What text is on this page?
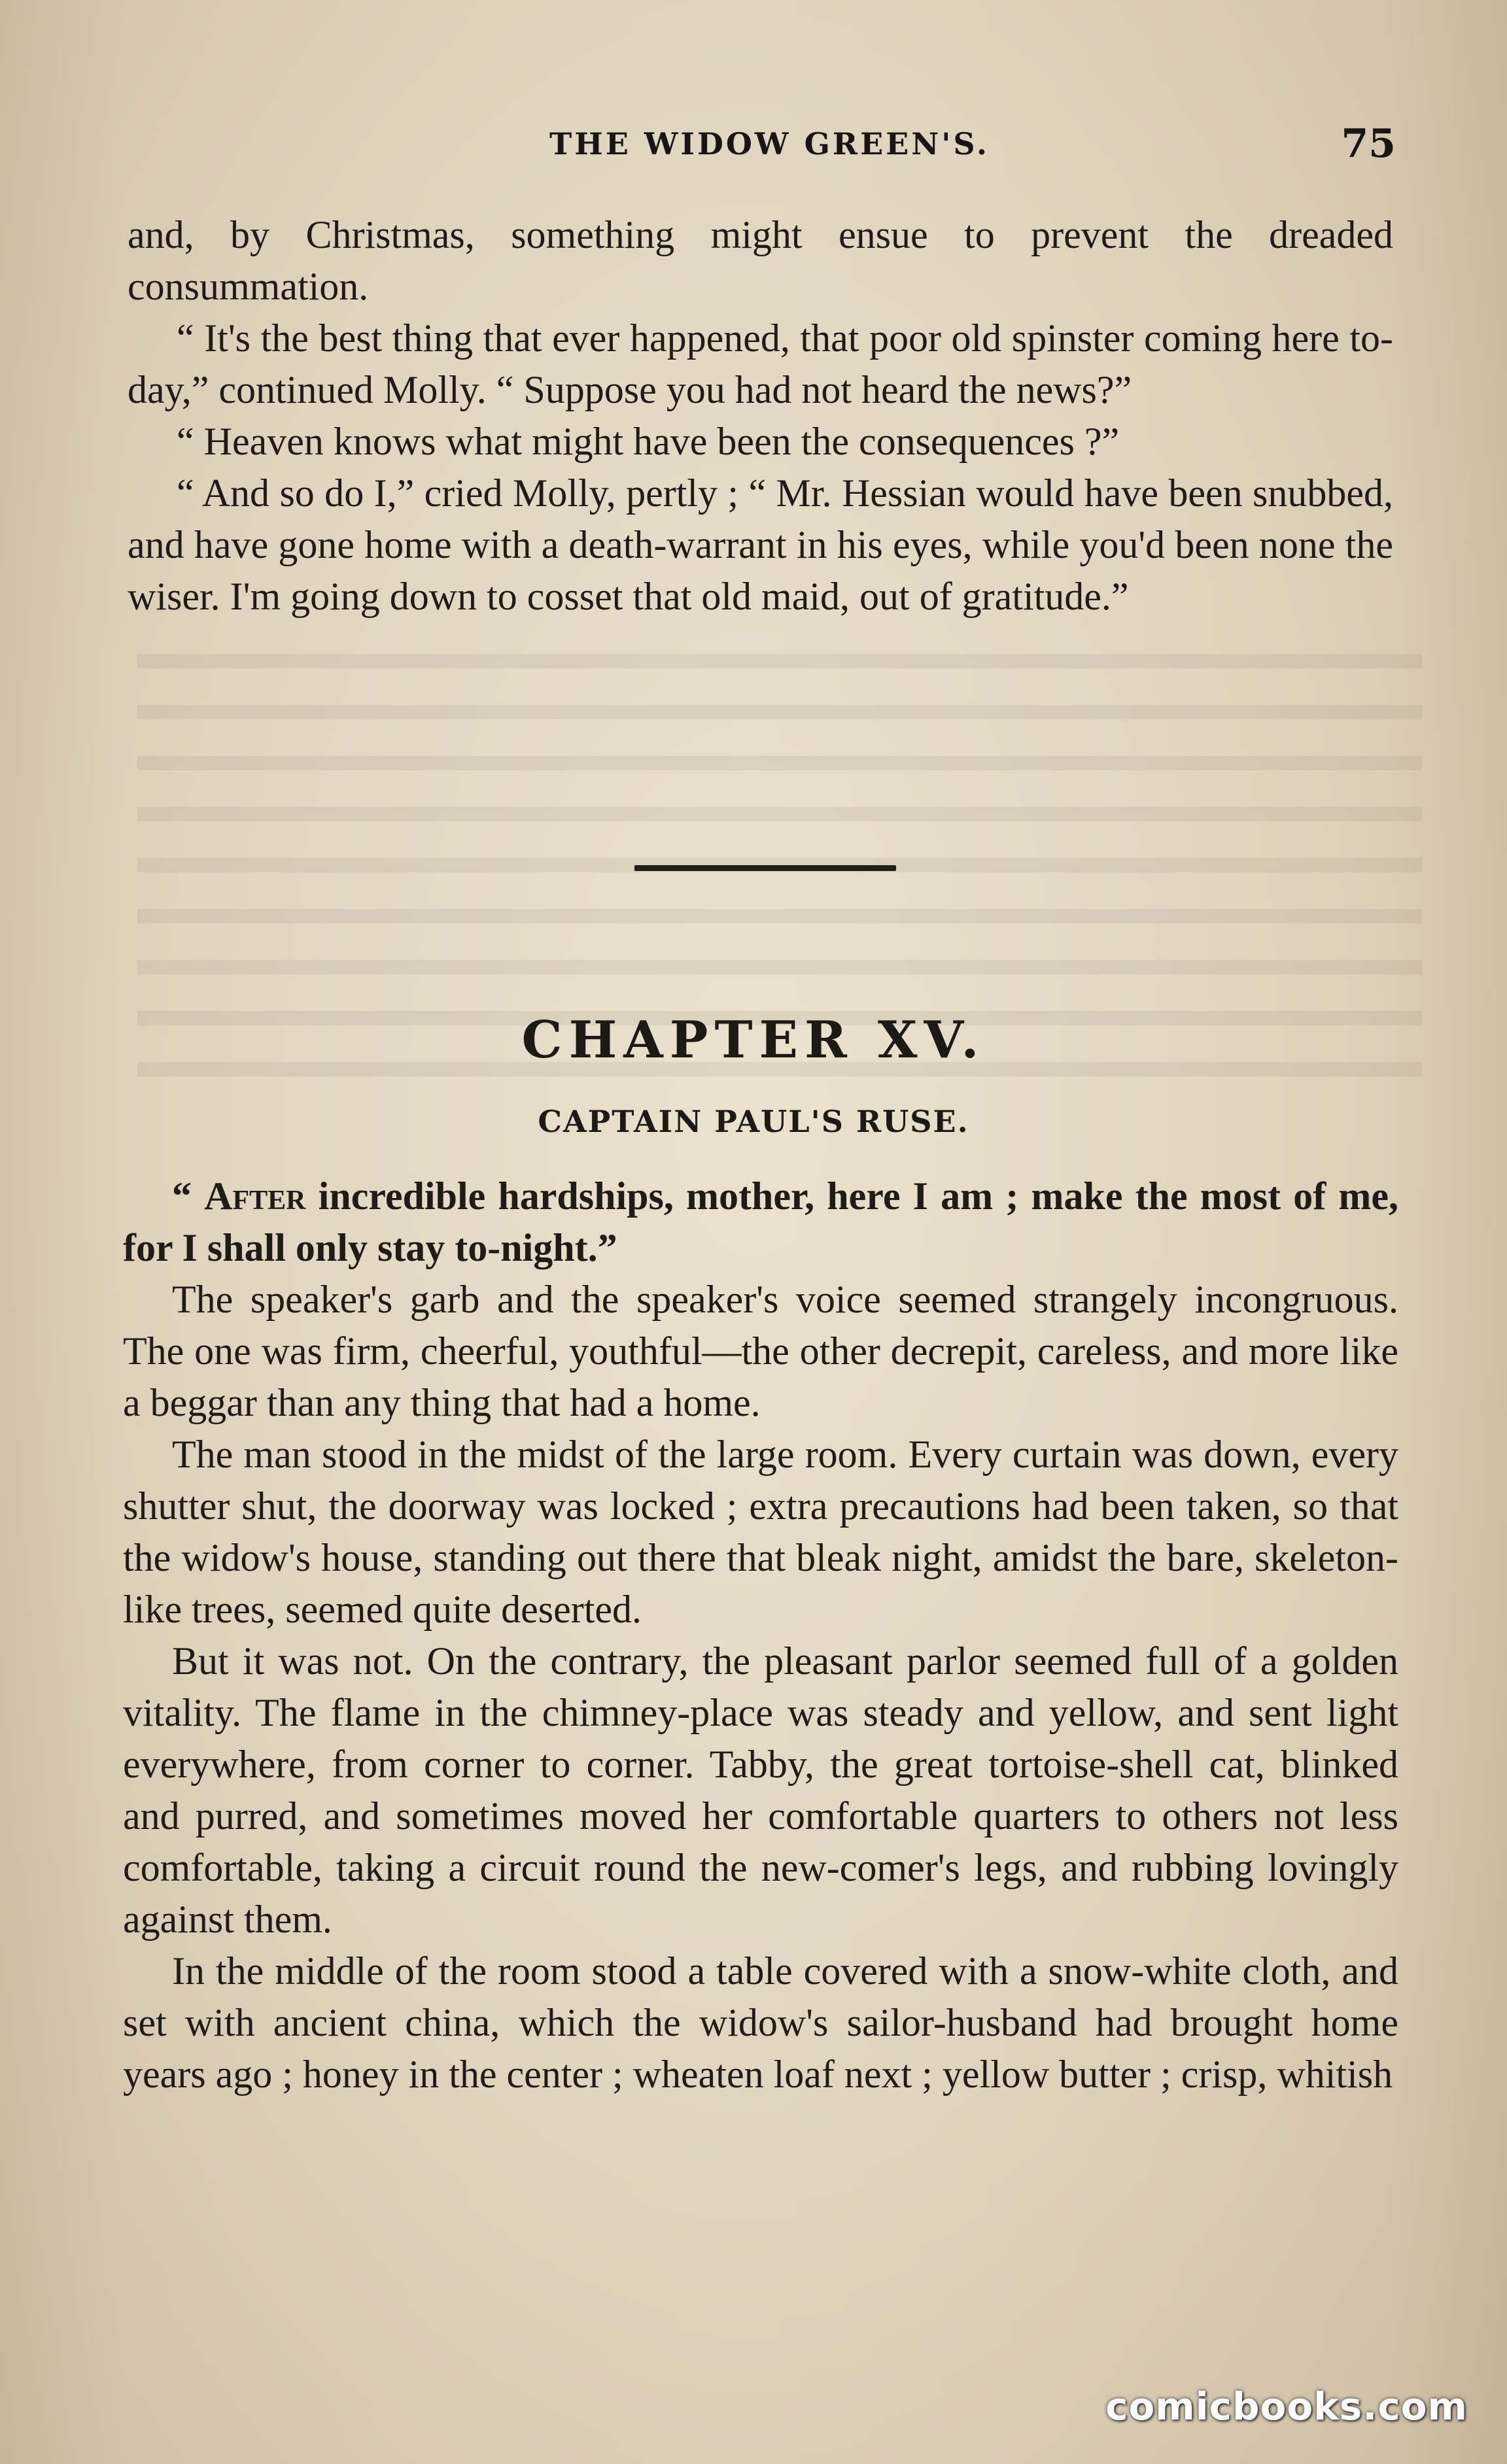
THE WIDOW GREEN'S.	75

and, by Christmas, something might ensue to prevent the dreaded consummation.

“ It's the best thing that ever happened, that poor old spinster coming here to-day,” continued Molly. “ Suppose you had not heard the news?”

“ Heaven knows what might have been the consequences ?”

“ And so do I,” cried Molly, pertly ; “ Mr. Hessian would have been snubbed, and have gone home with a death-warrant in his eyes, while you'd been none the wiser. I'm going down to cosset that old maid, out of gratitude.”

CHAPTER XV.
CAPTAIN PAUL'S RUSE.

“ After incredible hardships, mother, here I am ; make the most of me, for I shall only stay to-night.”

The speaker's garb and the speaker's voice seemed strangely incongruous. The one was firm, cheerful, youthful—the other decrepit, careless, and more like a beggar than any thing that had a home.

The man stood in the midst of the large room. Every curtain was down, every shutter shut, the doorway was locked ; extra precautions had been taken, so that the widow's house, standing out there that bleak night, amidst the bare, skeleton-like trees, seemed quite deserted.

But it was not. On the contrary, the pleasant parlor seemed full of a golden vitality. The flame in the chimney-place was steady and yellow, and sent light everywhere, from corner to corner. Tabby, the great tortoise-shell cat, blinked and purred, and sometimes moved her comfortable quarters to others not less comfortable, taking a circuit round the new-comer's legs, and rubbing lovingly against them.

In the middle of the room stood a table covered with a snow-white cloth, and set with ancient china, which the widow's sailor-husband had brought home years ago ; honey in the center ; wheaten loaf next ; yellow butter ; crisp, whitish

comicbooks.com
